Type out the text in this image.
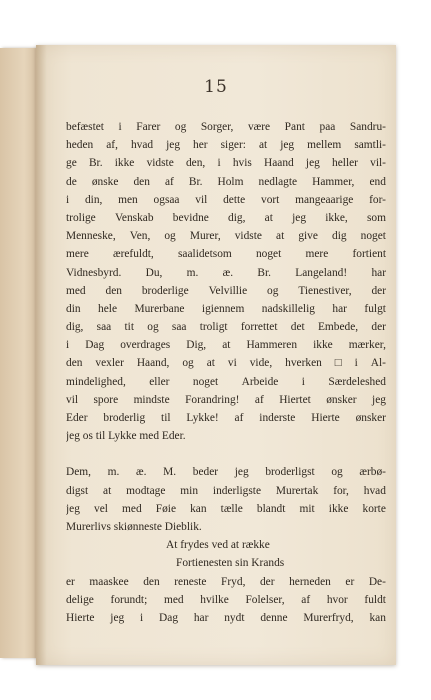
15
befæstet i Farer og Sorger, være Pant paa Sandru-
heden af, hvad jeg her siger: at jeg mellem samtli-
ge Br. ikke vidste den, i hvis Haand jeg heller vil-
de ønske den af Br. Holm nedlagte Hammer, end
i din, men ogsaa vil dette vort mangeaarige for-
trolige Venskab bevidne dig, at jeg ikke, som
Menneske, Ven, og Murer, vidste at give dig noget
mere ærefuldt, saalidetsom noget mere fortient
Vidnesbyrd. Du, m. æ. Br. Langeland! har
med den broderlige Velvillie og Tienestiver, der
din hele Murerbane igiennem nadskillelig har fulgt
dig, saa tit og saa troligt forrettet det Embede, der
i Dag overdrages Dig, at Hammeren ikke mærker,
den vexler Haand, og at vi vide, hverken □ i Al-
mindelighed, eller noget Arbeide i Særdeleshed
vil spore mindste Forandring! af Hiertet ønsker jeg
Eder broderlig til Lykke! af inderste Hierte ønsker
jeg os til Lykke med Eder.
Dem, m. æ. M. beder jeg broderligst og ærbø-
digst at modtage min inderligste Murertak for, hvad
jeg vel med Føie kan tælle blandt mit ikke korte
Murerlivs skiønneste Dieblik.
At frydes ved at række
Fortienesten sin Krands
er maaskee den reneste Fryd, der herneden er De-
delige forundt; med hvilke Folelser, af hvor fuldt
Hierte jeg i Dag har nydt denne Murerfryd, kan
